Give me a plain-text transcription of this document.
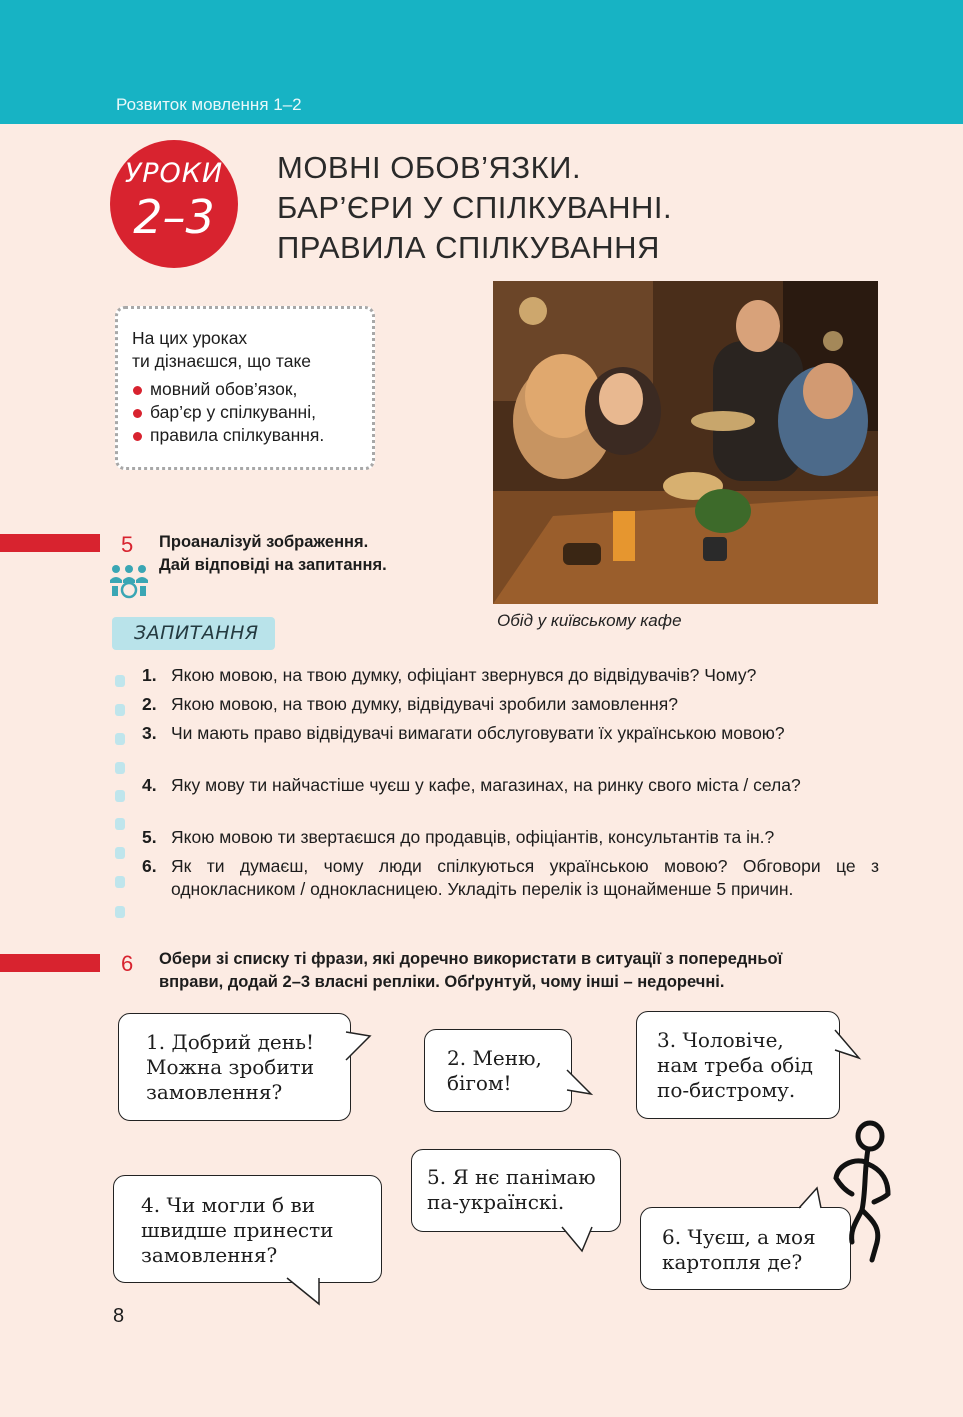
Розвиток мовлення 1–2
УРОКИ
2–3
МОВНІ ОБОВ’ЯЗКИ.
БАР’ЄРИ У СПІЛКУВАННІ.
ПРАВИЛА СПІЛКУВАННЯ
На цих уроках
ти дізнаєшся, що таке
мовний обов’язок,
бар’єр у спілкуванні,
правила спілкування.
Обід у київському кафе
5 Проаналізуй зображення.
Дай відповіді на запитання.
ЗАПИТАННЯ
1. Якою мовою, на твою думку, офіціант звернувся до відвідувачів? Чому?

2. Якою мовою, на твою думку, відвідувачі зробили замовлення?

3. Чи мають право відвідувачі вимагати обслуговувати їх українською мовою?

4. Яку мову ти найчастіше чуєш у кафе, магазинах, на ринку свого міста / села?

5. Якою мовою ти звертаєшся до продавців, офіціантів, консультантів та ін.?

6. Як ти думаєш, чому люди спілкуються українською мовою? Обговори це з однокласником / однокласницею. Укладіть перелік із щонайменше 5 причин.

6 Обери зі списку ті фрази, які доречно використати в ситуації з попередньої
вправи, додай 2–3 власні репліки. Обґрунтуй, чому інші – недоречні.
1. Добрий день!
Можна зробити
замовлення?
2. Меню,
бігом!
3. Чоловіче,
нам треба обід
по-бистрому.
4. Чи могли б ви
швидше принести
замовлення?
5. Я нє панімаю
па-українскі.
6. Чуєш, а моя
картопля де?
8
